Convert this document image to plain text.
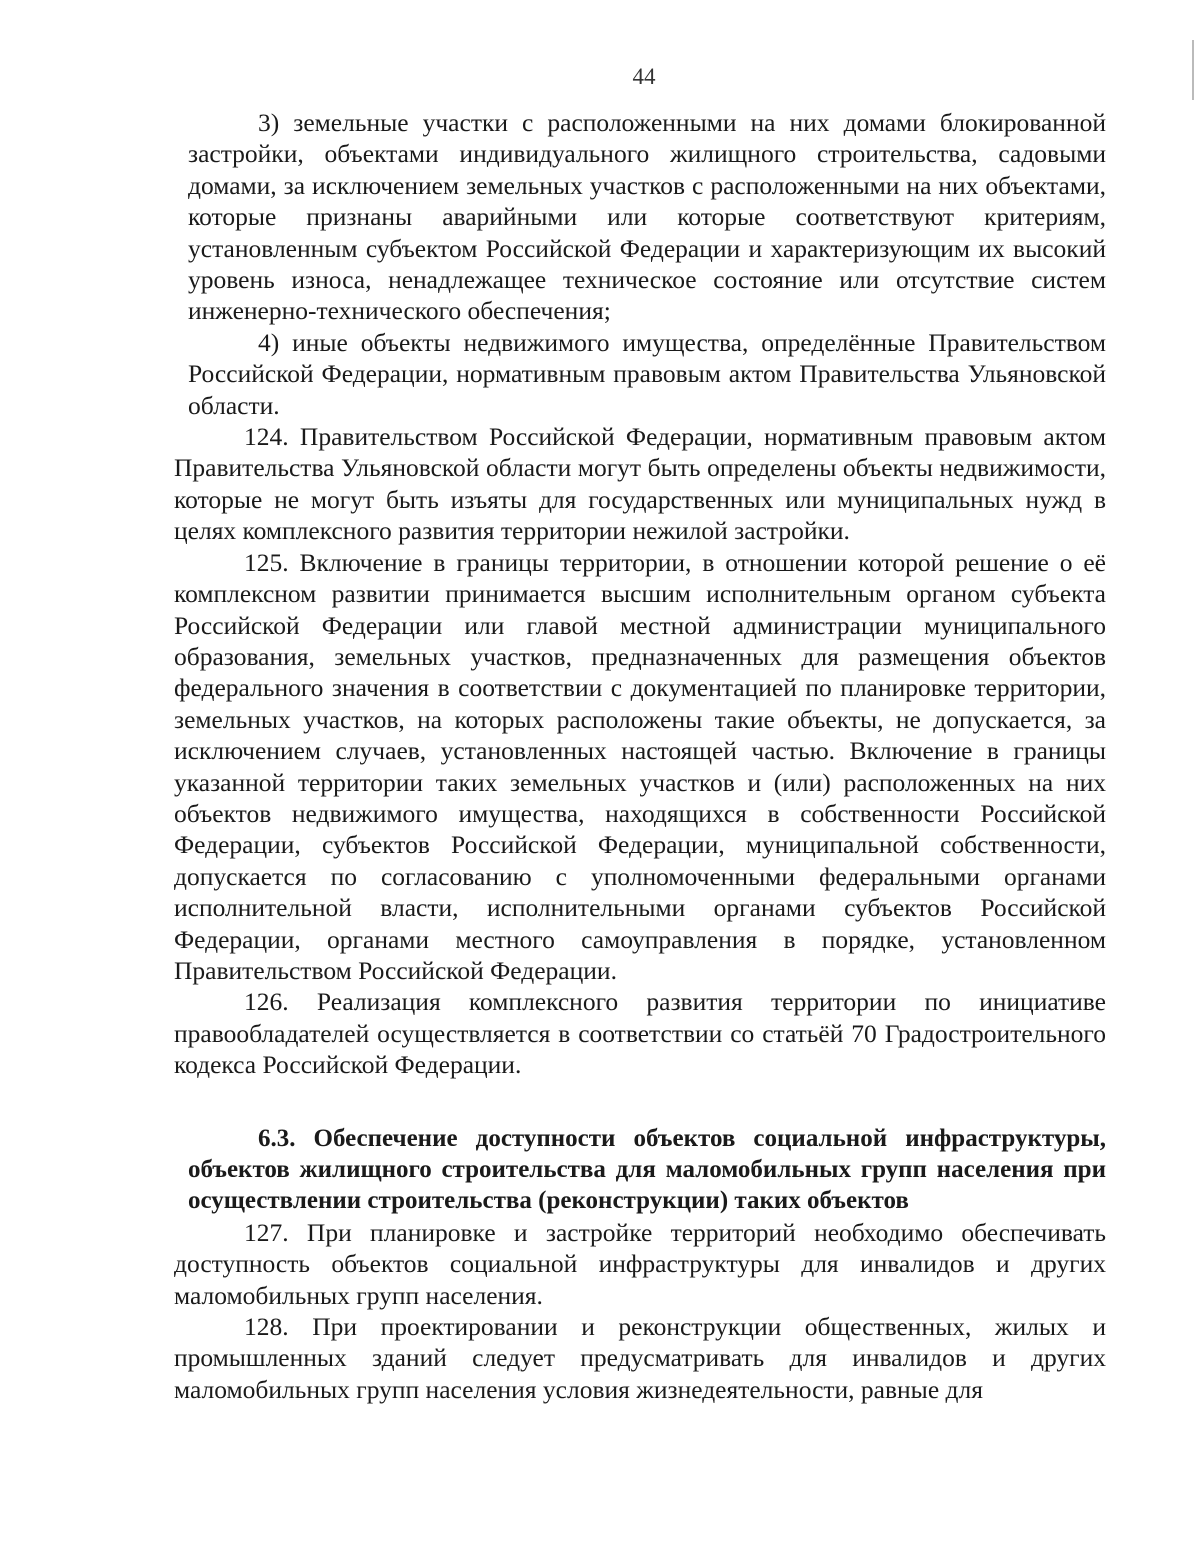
44

3) земельные участки с расположенными на них домами блокированной застройки, объектами индивидуального жилищного строительства, садовыми домами, за исключением земельных участков с расположенными на них объектами, которые признаны аварийными или которые соответствуют критериям, установленным субъектом Российской Федерации и характеризующим их высокий уровень износа, ненадлежащее техническое состояние или отсутствие систем инженерно-технического обеспечения;

4) иные объекты недвижимого имущества, определённые Правительством Российской Федерации, нормативным правовым актом Правительства Ульяновской области.

124. Правительством Российской Федерации, нормативным правовым актом Правительства Ульяновской области могут быть определены объекты недвижимости, которые не могут быть изъяты для государственных или муниципальных нужд в целях комплексного развития территории нежилой застройки.

125. Включение в границы территории, в отношении которой решение о её комплексном развитии принимается высшим исполнительным органом субъекта Российской Федерации или главой местной администрации муниципального образования, земельных участков, предназначенных для размещения объектов федерального значения в соответствии с документацией по планировке территории, земельных участков, на которых расположены такие объекты, не допускается, за исключением случаев, установленных настоящей частью. Включение в границы указанной территории таких земельных участков и (или) расположенных на них объектов недвижимого имущества, находящихся в собственности Российской Федерации, субъектов Российской Федерации, муниципальной собственности, допускается по согласованию с уполномоченными федеральными органами исполнительной власти, исполнительными органами субъектов Российской Федерации, органами местного самоуправления в порядке, установленном Правительством Российской Федерации.

126. Реализация комплексного развития территории по инициативе правообладателей осуществляется в соответствии со статьёй 70 Градостроительного кодекса Российской Федерации.

6.3. Обеспечение доступности объектов социальной инфраструктуры, объектов жилищного строительства для маломобильных групп населения при осуществлении строительства (реконструкции) таких объектов

127. При планировке и застройке территорий необходимо обеспечивать доступность объектов социальной инфраструктуры для инвалидов и других маломобильных групп населения.

128. При проектировании и реконструкции общественных, жилых и промышленных зданий следует предусматривать для инвалидов и других маломобильных групп населения условия жизнедеятельности, равные для
